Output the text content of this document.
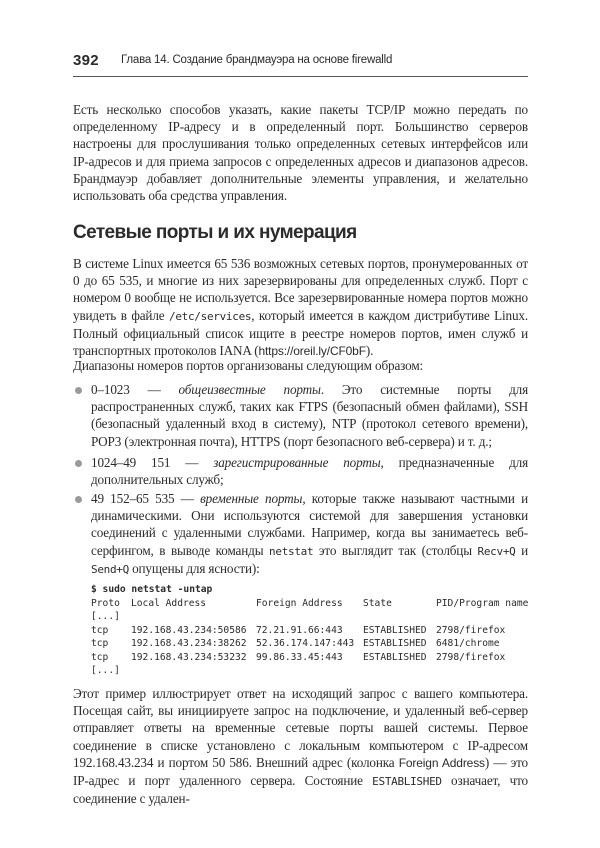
392 Глава 14. Создание брандмауэра на основе firewalld

Есть несколько способов указать, какие пакеты TCP/IP можно передать по определенному IP-адресу и в определенный порт. Большинство серверов настроены для прослушивания только определенных сетевых интерфейсов или IP-адресов и для приема запросов с определенных адресов и диапазонов адресов. Брандмауэр добавляет дополнительные элементы управления, и желательно использовать оба средства управления.

Сетевые порты и их нумерация

В системе Linux имеется 65 536 возможных сетевых портов, пронумерованных от 0 до 65 535, и многие из них зарезервированы для определенных служб. Порт с номером 0 вообще не используется. Все зарезервированные номера портов можно увидеть в файле /etc/services, который имеется в каждом дистрибутиве Linux. Полный официальный список ищите в реестре номеров портов, имен служб и транспортных протоколов IANA (https://oreil.ly/CF0bF).

Диапазоны номеров портов организованы следующим образом:

0–1023 — общеизвестные порты. Это системные порты для распространенных служб, таких как FTPS (безопасный обмен файлами), SSH (безопасный удаленный вход в систему), NTP (протокол сетевого времени), POP3 (электронная почта), HTTPS (порт безопасного веб-сервера) и т. д.;

1024–49 151 — зарегистрированные порты, предназначенные для дополнительных служб;

49 152–65 535 — временные порты, которые также называют частными и динамическими. Они используются системой для завершения установки соединений с удаленными службами. Например, когда вы занимаетесь веб-серфингом, в выводе команды netstat это выглядит так (столбцы Recv+Q и Send+Q опущены для ясности):

$ sudo netstat -untap
Proto Local Address	Foreign Address State	PID/Program name
[...]
tcp 192.168.43.234:50586 72.21.91.66:443 ESTABLISHED 2798/firefox
tcp 192.168.43.234:38262 52.36.174.147:443 ESTABLISHED 6481/chrome
tcp 192.168.43.234:53232 99.86.33.45:443 ESTABLISHED 2798/firefox
[...]

Этот пример иллюстрирует ответ на исходящий запрос с вашего компьютера. Посещая сайт, вы инициируете запрос на подключение, и удаленный веб-сервер отправляет ответы на временные сетевые порты вашей системы. Первое соединение в списке установлено с локальным компьютером с IP-адресом 192.168.43.234 и портом 50 586. Внешний адрес (колонка Foreign Address) — это IP-адрес и порт удаленного сервера. Состояние ESTABLISHED означает, что соединение с удален-
